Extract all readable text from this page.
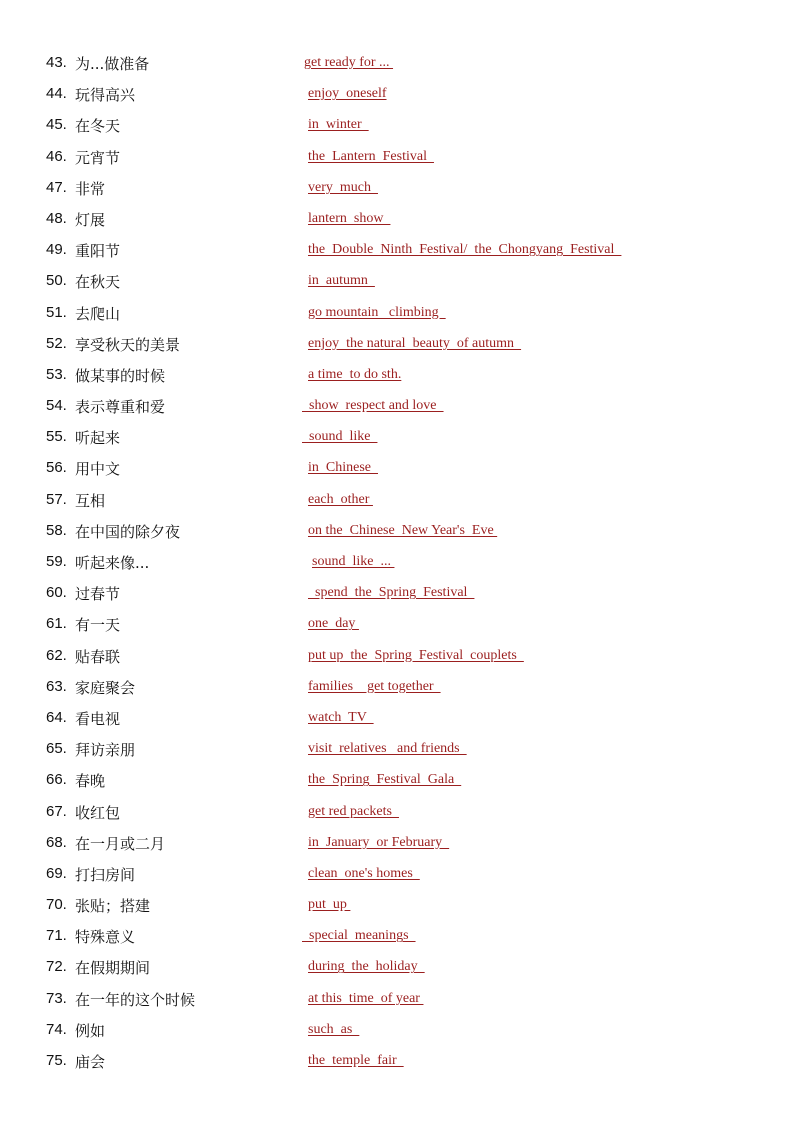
43. 为...做准备	get ready for ...
44. 玩得高兴	enjoy  oneself
45. 在冬天	in  winter
46. 元宵节	the  Lantern  Festival
47. 非常	very  much
48. 灯展	lantern  show
49. 重阳节	the  Double  Ninth  Festival/  the  Chongyang  Festival
50. 在秋天	in  autumn
51. 去爬山	go mountain   climbing
52. 享受秋天的美景	enjoy  the natural  beauty  of autumn
53. 做某事的时候	a time  to do sth.
54. 表示尊重和爱	show  respect and love
55. 听起来	sound  like
56. 用中文	in  Chinese
57. 互相	each  other
58. 在中国的除夕夜	on the  Chinese  New Year's  Eve
59. 听起来像...	sound  like  ...
60. 过春节	spend  the  Spring  Festival
61. 有一天	one  day
62. 贴春联	put up  the  Spring  Festival  couplets
63. 家庭聚会	families    get together
64. 看电视	watch  TV
65. 拜访亲朋	visit  relatives   and friends
66. 春晚	the  Spring  Festival  Gala
67. 收红包	get red packets
68. 在一月或二月	in  January  or February
69. 打扫房间	clean  one's homes
70. 张贴；搭建	put  up
71. 特殊意义	special  meanings
72. 在假期期间	during  the  holiday
73. 在一年的这个时候	at this  time  of year
74. 例如	such  as
75. 庙会	the  temple  fair
